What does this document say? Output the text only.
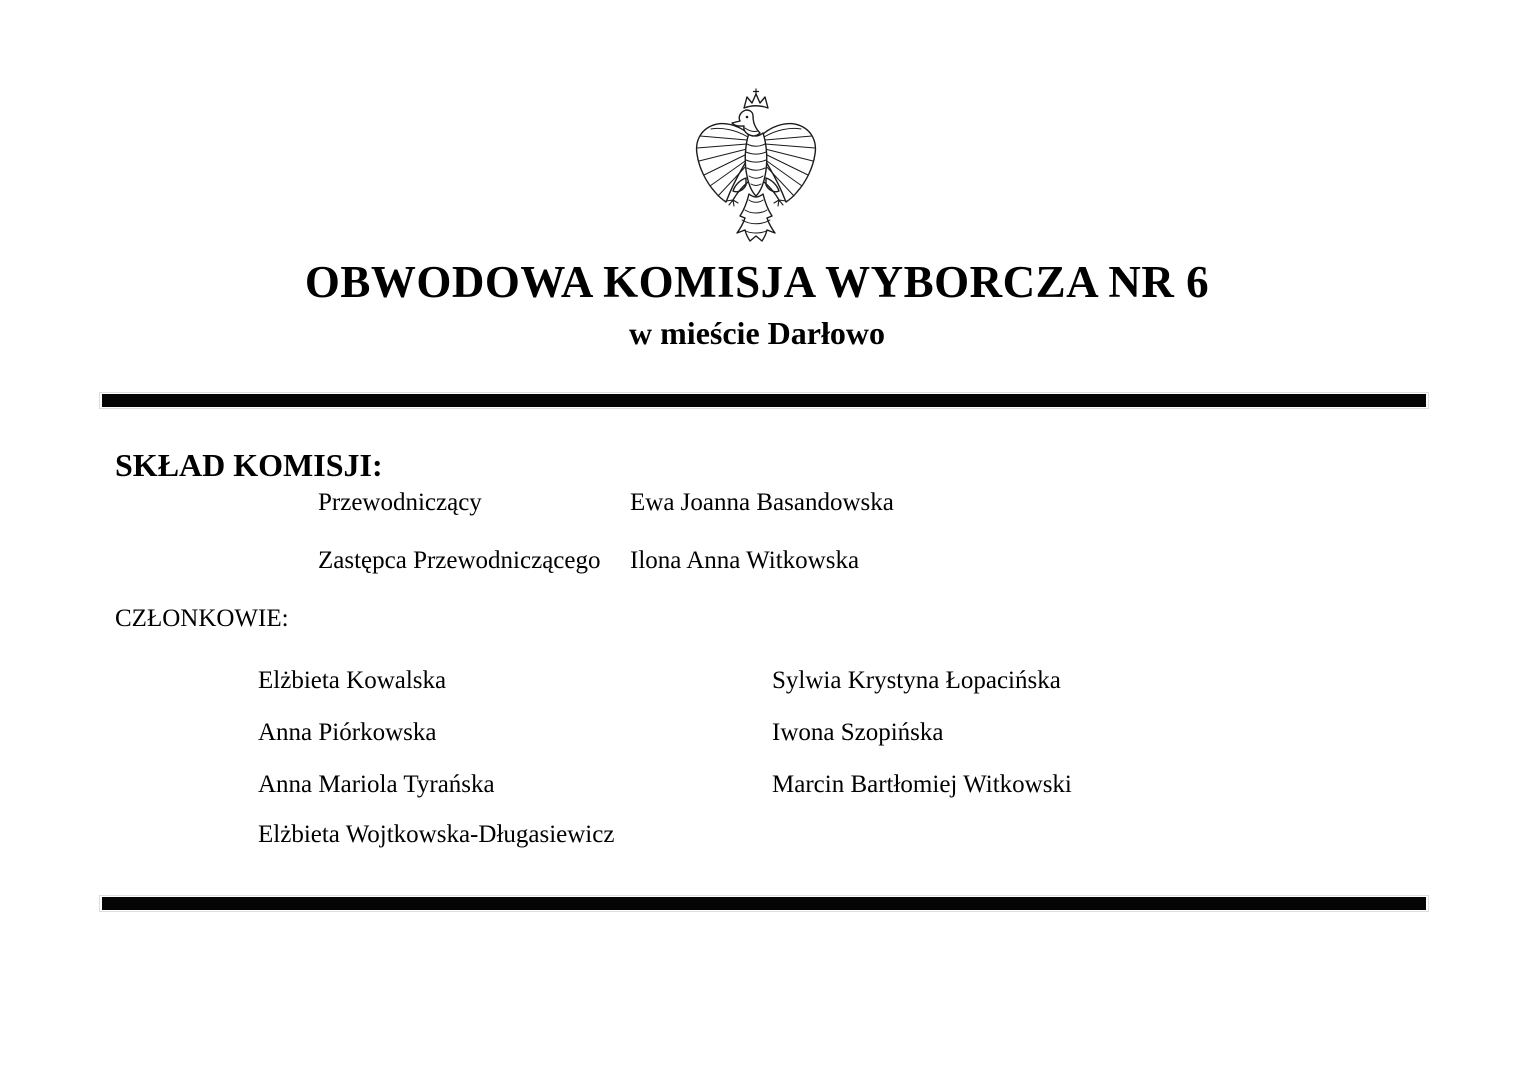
OBWODOWA KOMISJA WYBORCZA NR 6
w mieście Darłowo
SKŁAD KOMISJI:
Przewodniczący	Ewa Joanna Basandowska
Zastępca Przewodniczącego Ilona Anna Witkowska
CZŁONKOWIE:
Elżbieta Kowalska
Anna Piórkowska
Anna Mariola Tyrańska
Elżbieta Wojtkowska-Długasiewicz
Sylwia Krystyna Łopacińska
Iwona Szopińska
Marcin Bartłomiej Witkowski
